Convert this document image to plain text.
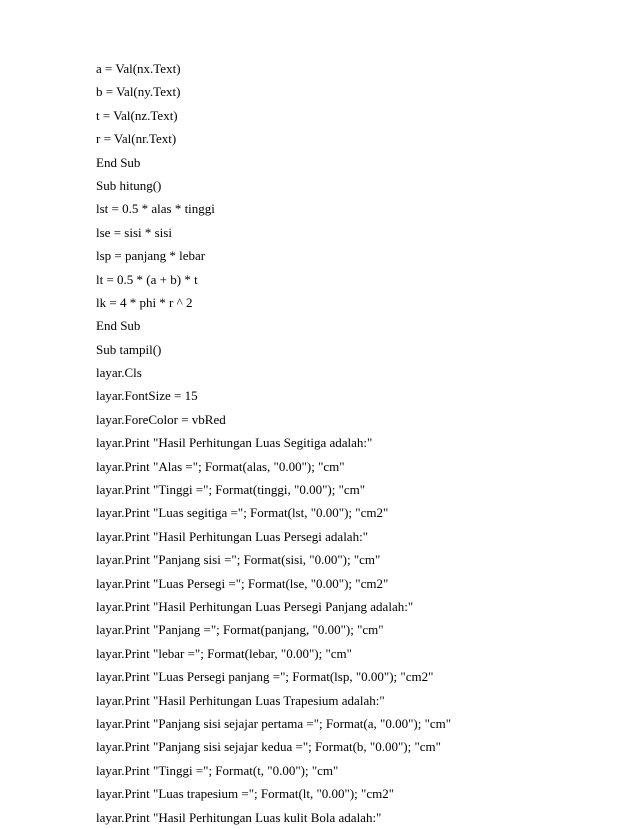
a = Val(nx.Text)
b = Val(ny.Text)
t = Val(nz.Text)
r = Val(nr.Text)
End Sub
Sub hitung()
lst = 0.5 * alas * tinggi
lse = sisi * sisi
lsp = panjang * lebar
lt = 0.5 * (a + b) * t
lk = 4 * phi * r ^ 2
End Sub
Sub tampil()
layar.Cls
layar.FontSize = 15
layar.ForeColor = vbRed
layar.Print "Hasil Perhitungan Luas Segitiga adalah:"
layar.Print "Alas ="; Format(alas, "0.00"); "cm"
layar.Print "Tinggi ="; Format(tinggi, "0.00"); "cm"
layar.Print "Luas segitiga ="; Format(lst, "0.00"); "cm2"
layar.Print "Hasil Perhitungan Luas Persegi adalah:"
layar.Print "Panjang sisi ="; Format(sisi, "0.00"); "cm"
layar.Print "Luas Persegi ="; Format(lse, "0.00"); "cm2"
layar.Print "Hasil Perhitungan Luas Persegi Panjang adalah:"
layar.Print "Panjang ="; Format(panjang, "0.00"); "cm"
layar.Print "lebar ="; Format(lebar, "0.00"); "cm"
layar.Print "Luas Persegi panjang ="; Format(lsp, "0.00"); "cm2"
layar.Print "Hasil Perhitungan Luas Trapesium adalah:"
layar.Print "Panjang sisi sejajar pertama ="; Format(a, "0.00"); "cm"
layar.Print "Panjang sisi sejajar kedua ="; Format(b, "0.00"); "cm"
layar.Print "Tinggi ="; Format(t, "0.00"); "cm"
layar.Print "Luas trapesium ="; Format(lt, "0.00"); "cm2"
layar.Print "Hasil Perhitungan Luas kulit Bola adalah:"
